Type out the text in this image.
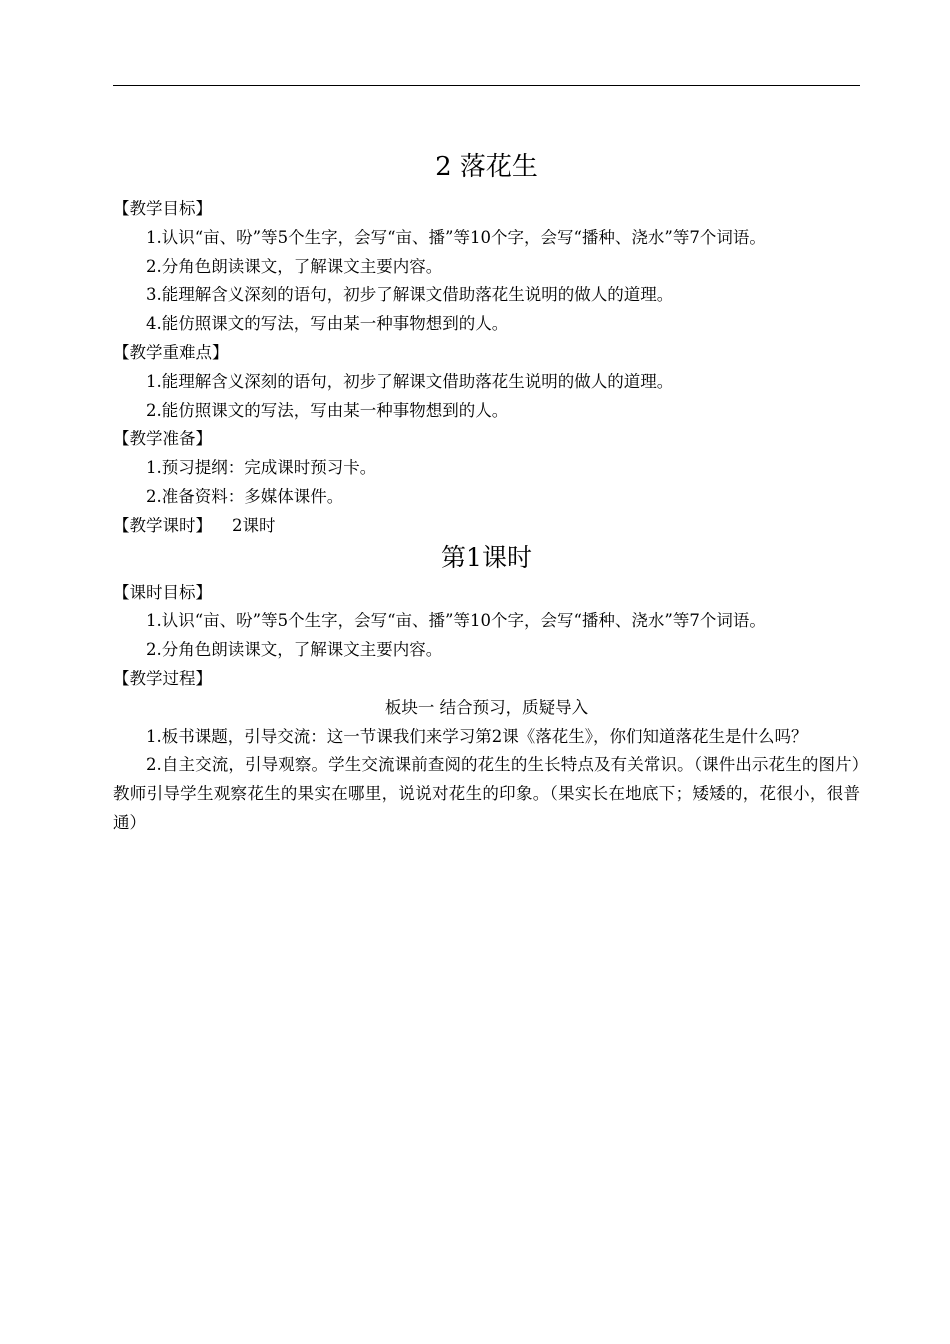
2 落花生

【教学目标】

1.认识“亩、吩”等5个生字，会写“亩、播”等10个字，会写“播种、浇水”等7个词语。

2.分角色朗读课文，了解课文主要内容。

3.能理解含义深刻的语句，初步了解课文借助落花生说明的做人的道理。

4.能仿照课文的写法，写由某一种事物想到的人。

【教学重难点】

1.能理解含义深刻的语句，初步了解课文借助落花生说明的做人的道理。

2.能仿照课文的写法，写由某一种事物想到的人。

【教学准备】

1.预习提纲：完成课时预习卡。

2.准备资料：多媒体课件。

【教学课时】 2课时

第1课时

【课时目标】

1.认识“亩、吩”等5个生字，会写“亩、播”等10个字，会写“播种、浇水”等7个词语。

2.分角色朗读课文，了解课文主要内容。

【教学过程】

板块一 结合预习，质疑导入

1.板书课题，引导交流：这一节课我们来学习第2课《落花生》，你们知道落花生是什么吗？

2.自主交流，引导观察。学生交流课前查阅的花生的生长特点及有关常识。（课件出示花生的图片）教师引导学生观察花生的果实在哪里，说说对花生的印象。（果实长在地底下；矮矮的，花很小，很普通）
